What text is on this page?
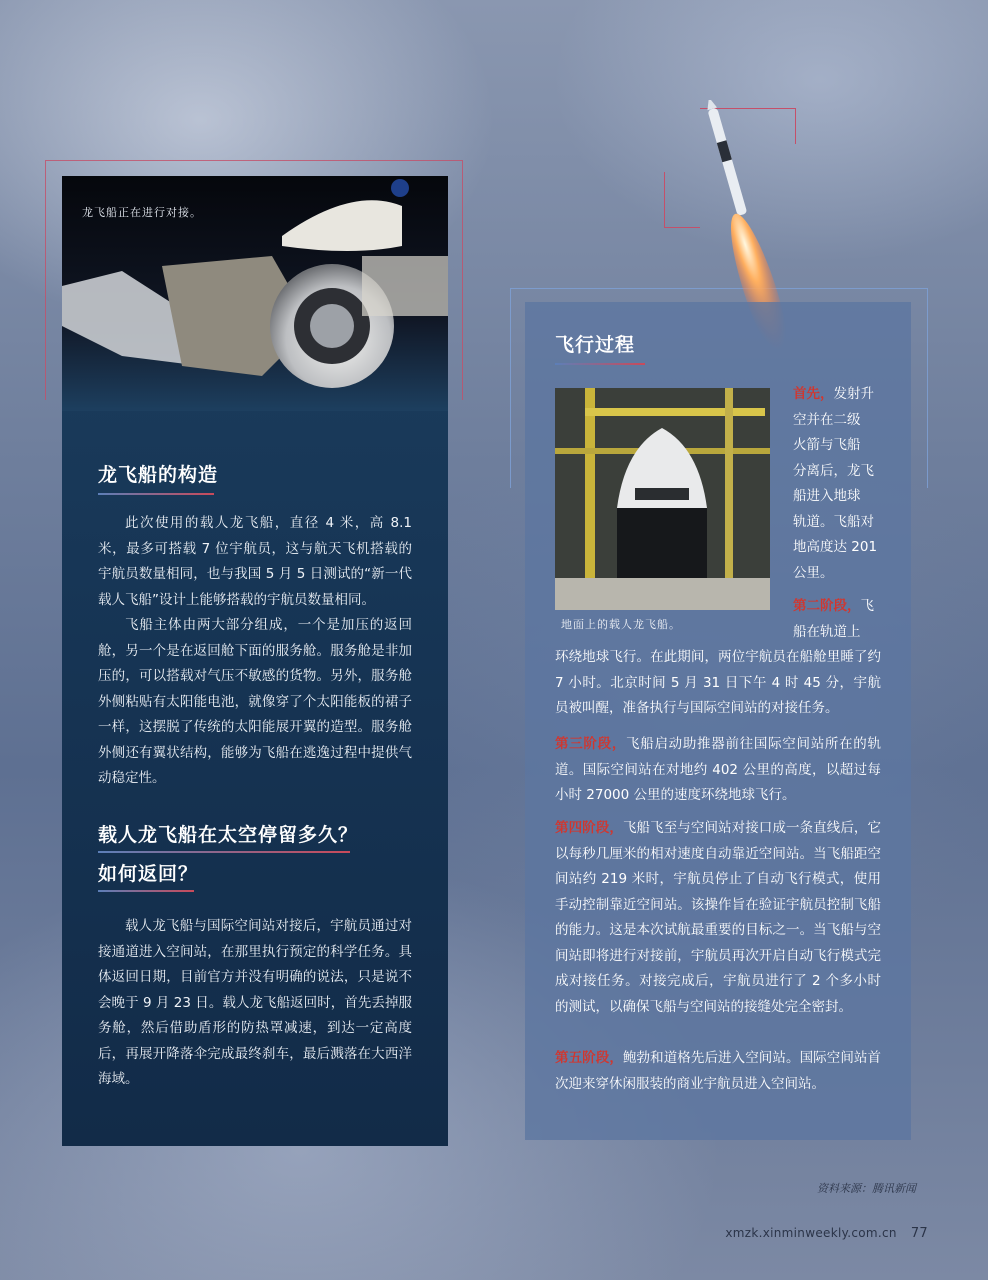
龙飞船正在进行对接。
龙飞船的构造

此次使用的载人龙飞船，直径 4 米，高 8.1 米，最多可搭载 7 位宇航员，这与航天飞机搭载的宇航员数量相同，也与我国 5 月 5 日测试的“新一代载人飞船”设计上能够搭载的宇航员数量相同。

飞船主体由两大部分组成，一个是加压的返回舱，另一个是在返回舱下面的服务舱。服务舱是非加压的，可以搭载对气压不敏感的货物。另外，服务舱外侧粘贴有太阳能电池，就像穿了个太阳能板的裙子一样，这摆脱了传统的太阳能展开翼的造型。服务舱外侧还有翼状结构，能够为飞船在逃逸过程中提供气动稳定性。

载人龙飞船在太空停留多久？
如何返回？

载人龙飞船与国际空间站对接后，宇航员通过对接通道进入空间站，在那里执行预定的科学任务。具体返回日期，目前官方并没有明确的说法，只是说不会晚于 9 月 23 日。载人龙飞船返回时，首先丢掉服务舱，然后借助盾形的防热罩减速，到达一定高度后，再展开降落伞完成最终刹车，最后溅落在大西洋海域。

飞行过程
地面上的载人龙飞船。
首先，发射升
空并在二级
火箭与飞船
分离后，龙飞
船进入地球
轨道。飞船对
地高度达 201
公里。
第二阶段，飞
船在轨道上

环绕地球飞行。在此期间，两位宇航员在船舱里睡了约 7 小时。北京时间 5 月 31 日下午 4 时 45 分，宇航员被叫醒，准备执行与国际空间站的对接任务。

第三阶段，飞船启动助推器前往国际空间站所在的轨道。国际空间站在对地约 402 公里的高度，以超过每小时 27000 公里的速度环绕地球飞行。

第四阶段，飞船飞至与空间站对接口成一条直线后，它以每秒几厘米的相对速度自动靠近空间站。当飞船距空间站约 219 米时，宇航员停止了自动飞行模式，使用手动控制靠近空间站。该操作旨在验证宇航员控制飞船的能力。这是本次试航最重要的目标之一。当飞船与空间站即将进行对接前，宇航员再次开启自动飞行模式完成对接任务。对接完成后，宇航员进行了 2 个多小时的测试，以确保飞船与空间站的接缝处完全密封。

第五阶段，鲍勃和道格先后进入空间站。国际空间站首次迎来穿休闲服装的商业宇航员进入空间站。

资料来源：腾讯新闻
xmzk.xinminweekly.com.cn 77
